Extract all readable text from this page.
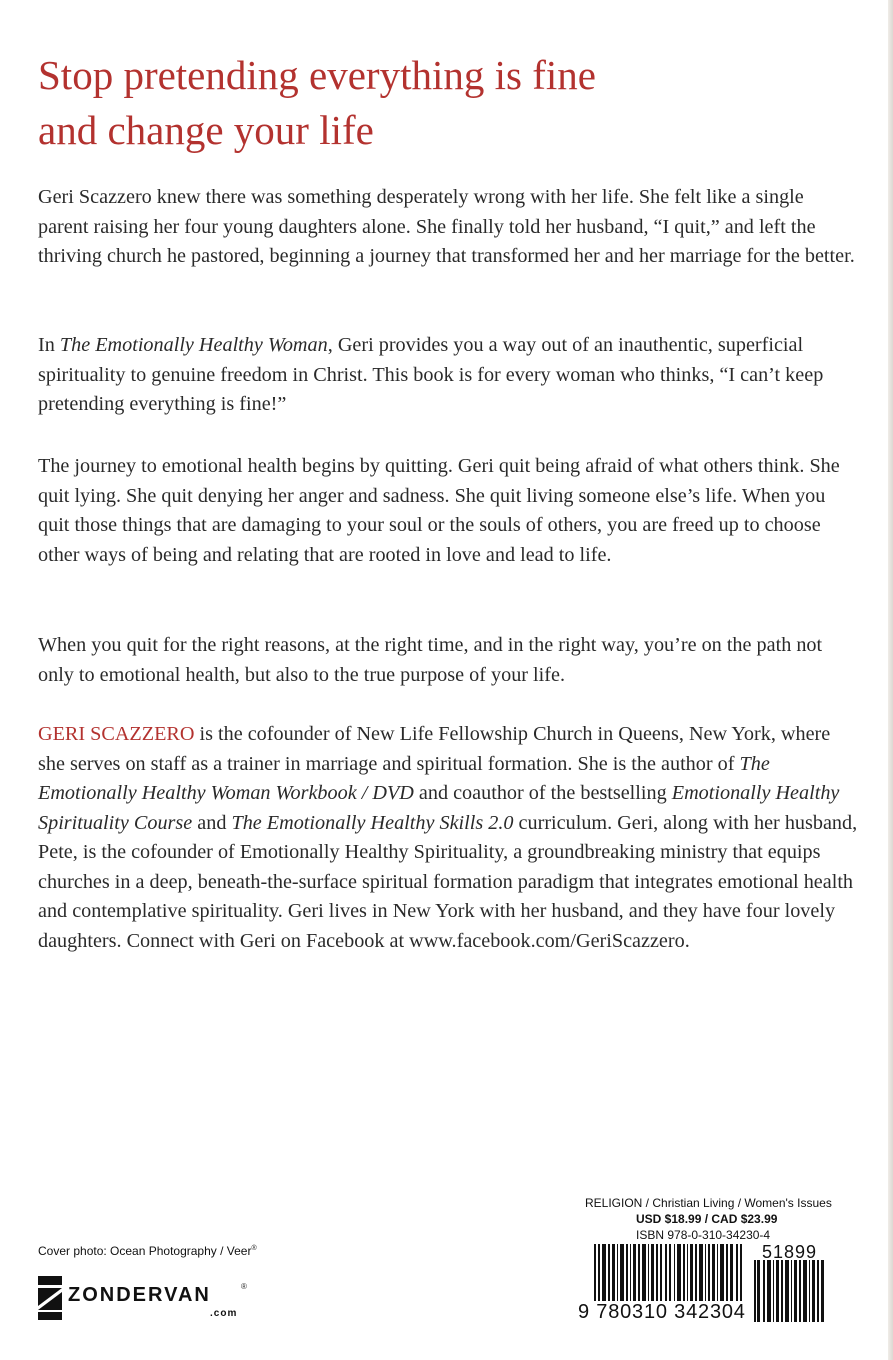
Stop pretending everything is fine
and change your life

Geri Scazzero knew there was something desperately wrong with her life. She felt like a single parent raising her four young daughters alone. She finally told her husband, “I quit,” and left the thriving church he pastored, beginning a journey that transformed her and her marriage for the better.

In The Emotionally Healthy Woman, Geri provides you a way out of an inauthentic, superficial spirituality to genuine freedom in Christ. This book is for every woman who thinks, “I can’t keep pretending everything is fine!”

The journey to emotional health begins by quitting. Geri quit being afraid of what others think. She quit lying. She quit denying her anger and sadness. She quit living someone else’s life. When you quit those things that are damaging to your soul or the souls of others, you are freed up to choose other ways of being and relating that are rooted in love and lead to life.

When you quit for the right reasons, at the right time, and in the right way, you’re on the path not only to emotional health, but also to the true purpose of your life.

GERI SCAZZERO is the cofounder of New Life Fellowship Church in Queens, New York, where she serves on staff as a trainer in marriage and spiritual formation. She is the author of The Emotionally Healthy Woman Workbook / DVD and coauthor of the bestselling Emotionally Healthy Spirituality Course and The Emotionally Healthy Skills 2.0 curriculum. Geri, along with her husband, Pete, is the cofounder of Emotionally Healthy Spirituality, a groundbreaking ministry that equips churches in a deep, beneath-the-surface spiritual formation paradigm that integrates emotional health and contemplative spirituality. Geri lives in New York with her husband, and they have four lovely daughters. Connect with Geri on Facebook at www.facebook.com/GeriScazzero.

Cover photo: Ocean Photography / Veer®
ZONDERVAN	®
.com
RELIGION / Christian Living / Women's Issues
USD $18.99 / CAD $23.99
ISBN 978-0-310-34230-4
51899
9 780310 342304
